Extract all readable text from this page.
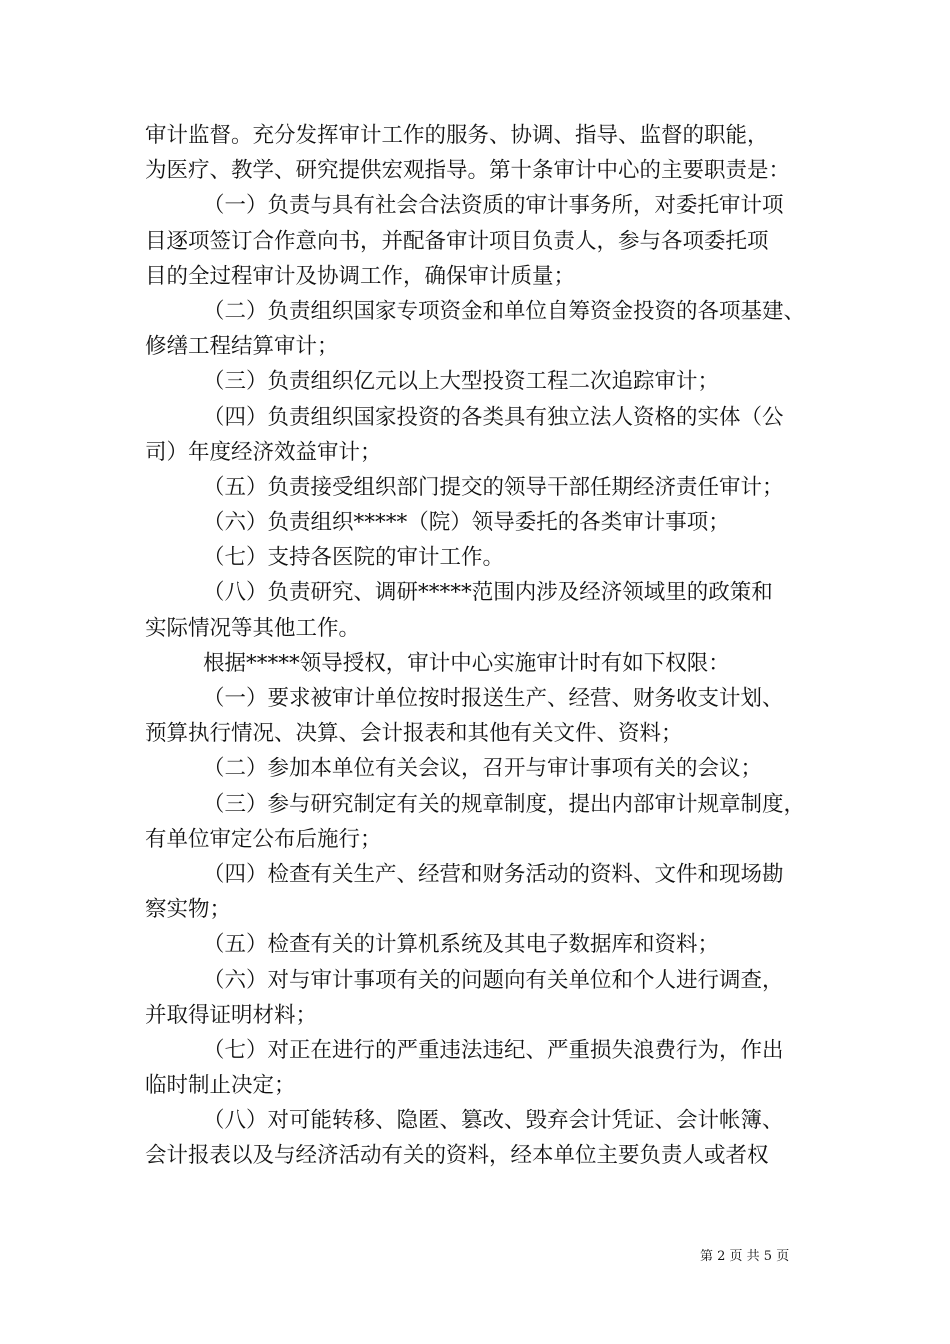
审计监督。充分发挥审计工作的服务、协调、指导、监督的职能，
为医疗、教学、研究提供宏观指导。第十条审计中心的主要职责是：
（一）负责与具有社会合法资质的审计事务所，对委托审计项
目逐项签订合作意向书，并配备审计项目负责人，参与各项委托项
目的全过程审计及协调工作，确保审计质量；
（二）负责组织国家专项资金和单位自筹资金投资的各项基建、
修缮工程结算审计；
（三）负责组织亿元以上大型投资工程二次追踪审计；
（四）负责组织国家投资的各类具有独立法人资格的实体（公
司）年度经济效益审计；
（五）负责接受组织部门提交的领导干部任期经济责任审计；
（六）负责组织*****（院）领导委托的各类审计事项；
（七）支持各医院的审计工作。
（八）负责研究、调研*****范围内涉及经济领域里的政策和
实际情况等其他工作。
根据*****领导授权，审计中心实施审计时有如下权限：
（一）要求被审计单位按时报送生产、经营、财务收支计划、
预算执行情况、决算、会计报表和其他有关文件、资料；
（二）参加本单位有关会议，召开与审计事项有关的会议；
（三）参与研究制定有关的规章制度，提出内部审计规章制度，
有单位审定公布后施行；
（四）检查有关生产、经营和财务活动的资料、文件和现场勘
察实物；
（五）检查有关的计算机系统及其电子数据库和资料；
（六）对与审计事项有关的问题向有关单位和个人进行调查，
并取得证明材料；
（七）对正在进行的严重违法违纪、严重损失浪费行为，作出
临时制止决定；
（八）对可能转移、隐匿、篡改、毁弃会计凭证、会计帐簿、
会计报表以及与经济活动有关的资料，经本单位主要负责人或者权
第 2 页 共 5 页
